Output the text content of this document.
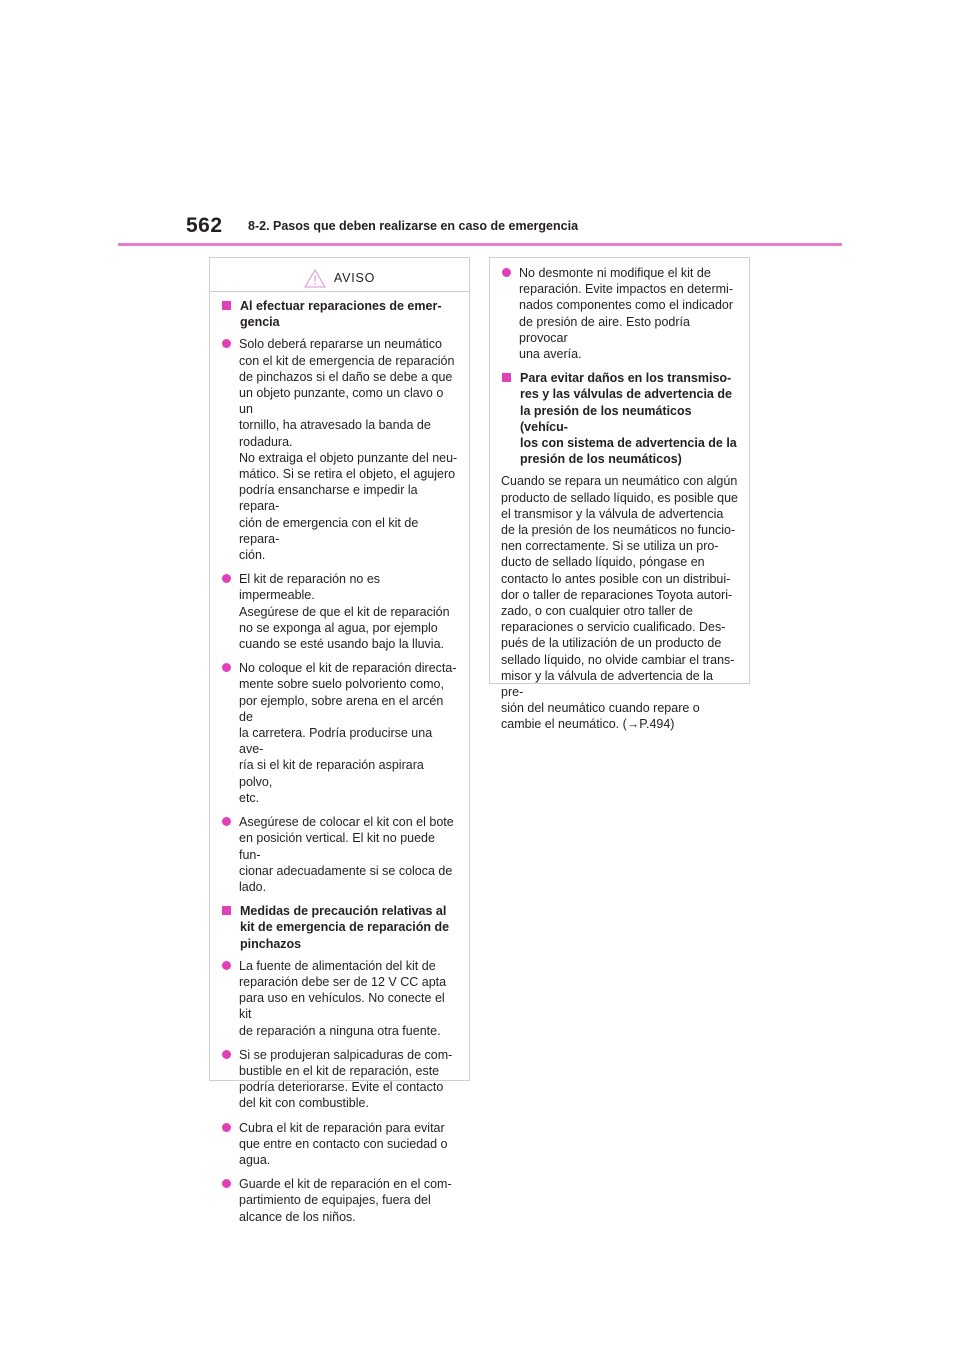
562 8-2. Pasos que deben realizarse en caso de emergencia
AVISO
Al efectuar reparaciones de emer-
gencia
Solo deberá repararse un neumático
con el kit de emergencia de reparación
de pinchazos si el daño se debe a que
un objeto punzante, como un clavo o un
tornillo, ha atravesado la banda de
rodadura.
No extraiga el objeto punzante del neu-
mático. Si se retira el objeto, el agujero
podría ensancharse e impedir la repara-
ción de emergencia con el kit de repara-
ción.
El kit de reparación no es impermeable.
Asegúrese de que el kit de reparación
no se exponga al agua, por ejemplo
cuando se esté usando bajo la lluvia.
No coloque el kit de reparación directa-
mente sobre suelo polvoriento como,
por ejemplo, sobre arena en el arcén de
la carretera. Podría producirse una ave-
ría si el kit de reparación aspirara polvo,
etc.
Asegúrese de colocar el kit con el bote
en posición vertical. El kit no puede fun-
cionar adecuadamente si se coloca de
lado.
Medidas de precaución relativas al
kit de emergencia de reparación de
pinchazos
La fuente de alimentación del kit de
reparación debe ser de 12 V CC apta
para uso en vehículos. No conecte el kit
de reparación a ninguna otra fuente.
Si se produjeran salpicaduras de com-
bustible en el kit de reparación, este
podría deteriorarse. Evite el contacto
del kit con combustible.
Cubra el kit de reparación para evitar
que entre en contacto con suciedad o
agua.
Guarde el kit de reparación en el com-
partimiento de equipajes, fuera del
alcance de los niños.
No desmonte ni modifique el kit de
reparación. Evite impactos en determi-
nados componentes como el indicador
de presión de aire. Esto podría provocar
una avería.
Para evitar daños en los transmiso-
res y las válvulas de advertencia de
la presión de los neumáticos (vehícu-
los con sistema de advertencia de la
presión de los neumáticos)

Cuando se repara un neumático con algún
producto de sellado líquido, es posible que
el transmisor y la válvula de advertencia
de la presión de los neumáticos no funcio-
nen correctamente. Si se utiliza un pro-
ducto de sellado líquido, póngase en
contacto lo antes posible con un distribui-
dor o taller de reparaciones Toyota autori-
zado, o con cualquier otro taller de
reparaciones o servicio cualificado. Des-
pués de la utilización de un producto de
sellado líquido, no olvide cambiar el trans-
misor y la válvula de advertencia de la pre-
sión del neumático cuando repare o
cambie el neumático. (→P.494)
